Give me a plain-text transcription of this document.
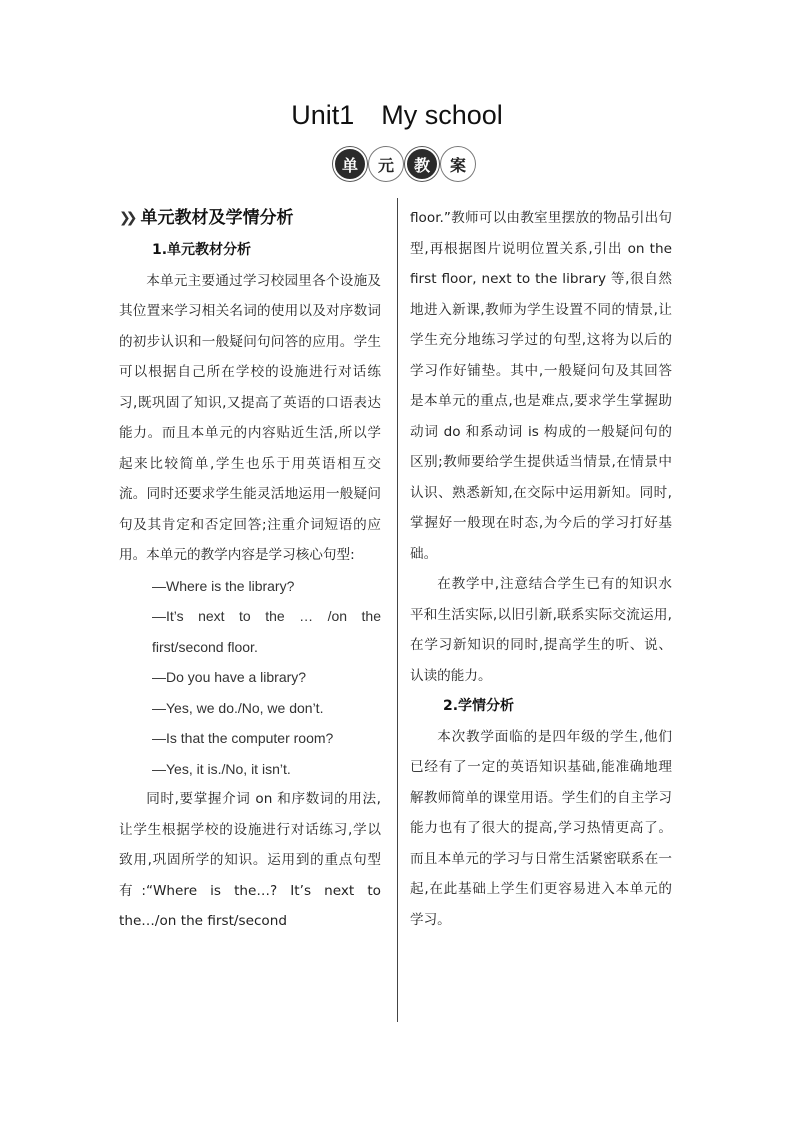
Unit1　My school
单	元	教	案
❯❯ 单元教材及学情分析
1.单元教材分析

本单元主要通过学习校园里各个设施及其位置来学习相关名词的使用以及对序数词的初步认识和一般疑问句问答的应用。学生可以根据自己所在学校的设施进行对话练习,既巩固了知识,又提高了英语的口语表达能力。而且本单元的内容贴近生活,所以学起来比较简单,学生也乐于用英语相互交流。同时还要求学生能灵活地运用一般疑问句及其肯定和否定回答;注重介词短语的应用。本单元的教学内容是学习核心句型:

—Where is the library?
—It’s next to the … /on the first/second floor.
—Do you have a library?
—Yes, we do./No, we don’t.
—Is that the computer room?
—Yes, it is./No, it isn’t.

同时,要掌握介词 on 和序数词的用法,让学生根据学校的设施进行对话练习,学以致用,巩固所学的知识。运用到的重点句型有:“Where is the…? It’s next to the…/on the first/second

floor.”教师可以由教室里摆放的物品引出句型,再根据图片说明位置关系,引出 on the first floor, next to the library 等,很自然地进入新课,教师为学生设置不同的情景,让学生充分地练习学过的句型,这将为以后的学习作好铺垫。其中,一般疑问句及其回答是本单元的重点,也是难点,要求学生掌握助动词 do 和系动词 is 构成的一般疑问句的区别;教师要给学生提供适当情景,在情景中认识、熟悉新知,在交际中运用新知。同时,掌握好一般现在时态,为今后的学习打好基础。

在教学中,注意结合学生已有的知识水平和生活实际,以旧引新,联系实际交流运用,在学习新知识的同时,提高学生的听、说、认读的能力。

2.学情分析

本次教学面临的是四年级的学生,他们已经有了一定的英语知识基础,能准确地理解教师简单的课堂用语。学生们的自主学习能力也有了很大的提高,学习热情更高了。而且本单元的学习与日常生活紧密联系在一起,在此基础上学生们更容易进入本单元的学习。
